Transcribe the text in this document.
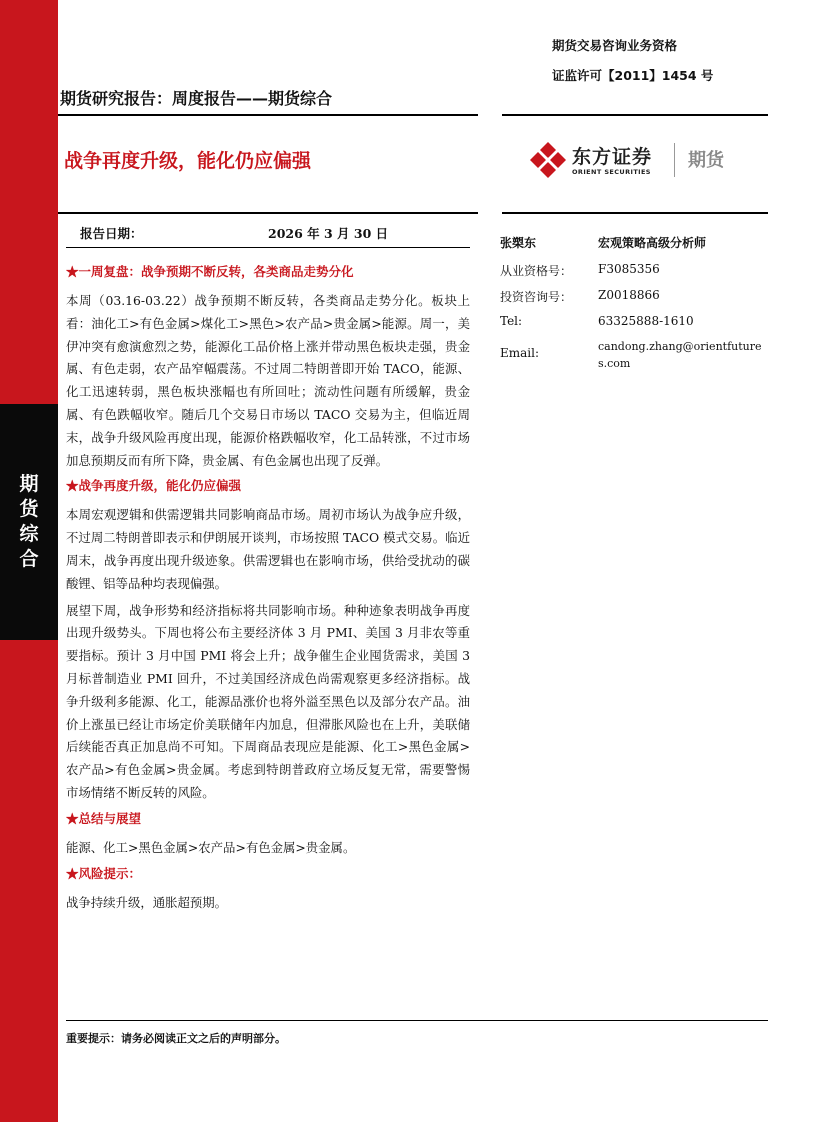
期
货
综
合
期货交易咨询业务资格
证监许可【2011】1454 号
期货研究报告：周度报告——期货综合
战争再度升级，能化仍应偏强	东方证券
ORIENT SECURITIES
期货
报告日期：	2026 年 3 月 30 日
★一周复盘：战争预期不断反转，各类商品走势分化

本周（03.16-03.22）战争预期不断反转，各类商品走势分化。板块上看：油化工>有色金属>煤化工>黑色>农产品>贵金属>能源。周一，美伊冲突有愈演愈烈之势，能源化工品价格上涨并带动黑色板块走强，贵金属、有色走弱，农产品窄幅震荡。不过周二特朗普即开始 TACO，能源、化工迅速转弱，黑色板块涨幅也有所回吐；流动性问题有所缓解，贵金属、有色跌幅收窄。随后几个交易日市场以 TACO 交易为主，但临近周末，战争升级风险再度出现，能源价格跌幅收窄，化工品转涨，不过市场加息预期反而有所下降，贵金属、有色金属也出现了反弹。

★战争再度升级，能化仍应偏强

本周宏观逻辑和供需逻辑共同影响商品市场。周初市场认为战争应升级，不过周二特朗普即表示和伊朗展开谈判，市场按照 TACO 模式交易。临近周末，战争再度出现升级迹象。供需逻辑也在影响市场，供给受扰动的碳酸锂、铝等品种均表现偏强。

展望下周，战争形势和经济指标将共同影响市场。种种迹象表明战争再度出现升级势头。下周也将公布主要经济体 3 月 PMI、美国 3 月非农等重要指标。预计 3 月中国 PMI 将会上升；战争催生企业囤货需求，美国 3 月标普制造业 PMI 回升，不过美国经济成色尚需观察更多经济指标。战争升级利多能源、化工，能源品涨价也将外溢至黑色以及部分农产品。油价上涨虽已经让市场定价美联储年内加息，但滞胀风险也在上升，美联储后续能否真正加息尚不可知。下周商品表现应是能源、化工>黑色金属>农产品>有色金属>贵金属。考虑到特朗普政府立场反复无常，需要警惕市场情绪不断反转的风险。

★总结与展望

能源、化工>黑色金属>农产品>有色金属>贵金属。

★风险提示：

战争持续升级，通胀超预期。

张槊东	宏观策略高级分析师
从业资格号： F3085356
投资咨询号： Z0018866
Tel:	63325888-1610
Email:	candong.zhang@orientfutures.com
重要提示：请务必阅读正文之后的声明部分。
